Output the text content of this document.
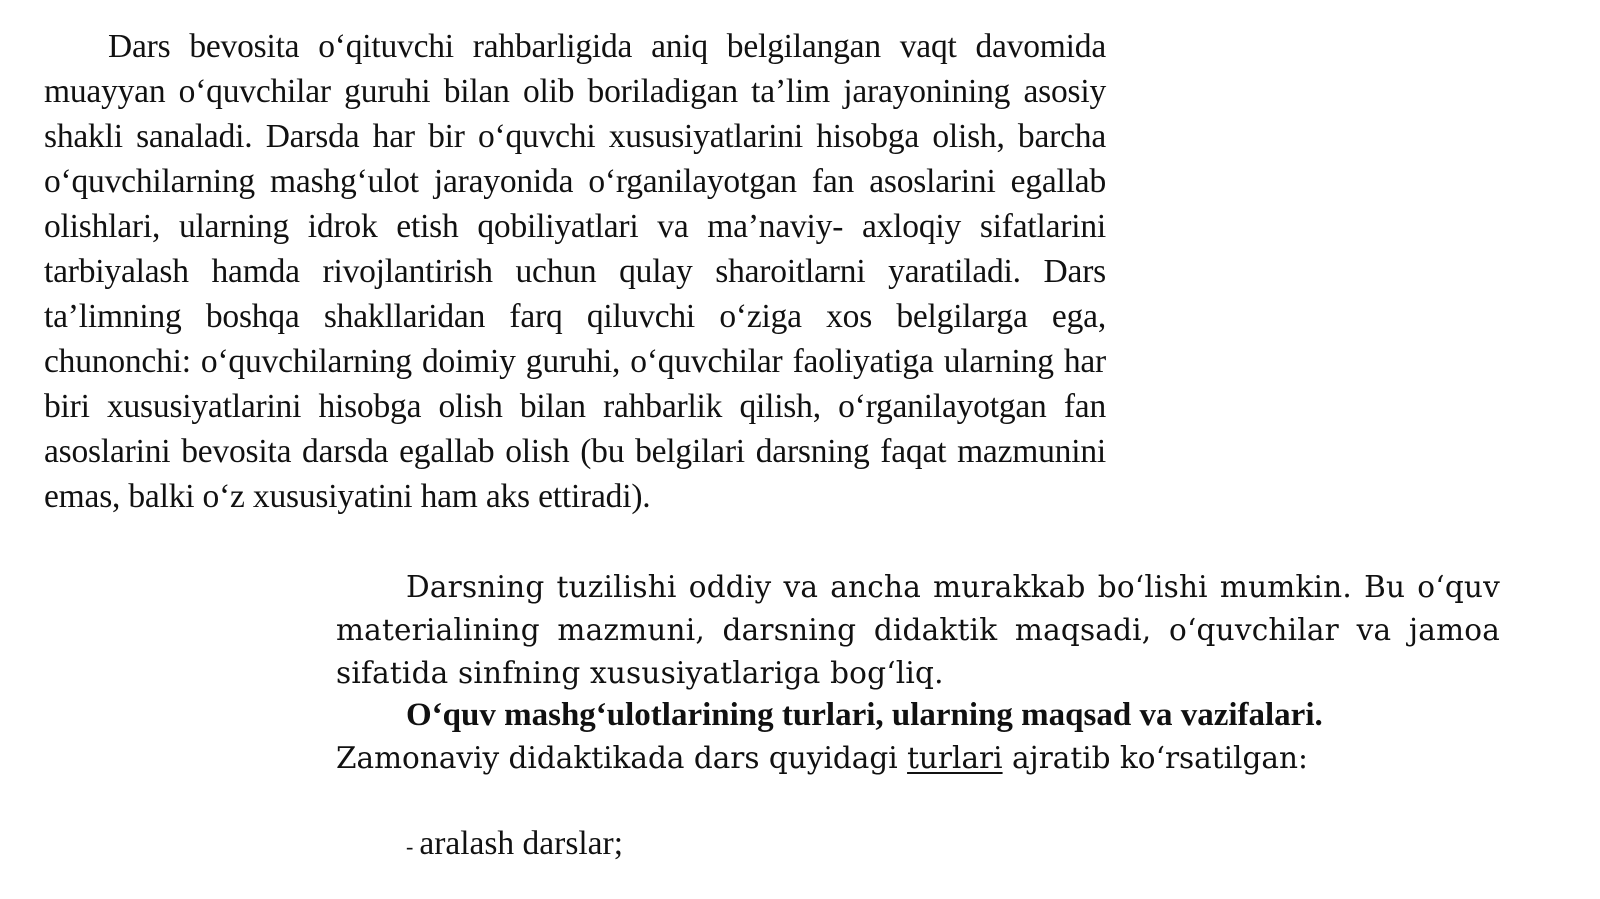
Dars bevosita o‘qituvchi rahbarligida aniq belgilangan vaqt davomida muayyan o‘quvchilar guruhi bilan olib boriladigan ta’lim jarayonining asosiy shakli sanaladi. Darsda har bir o‘quvchi xususiyatlarini hisobga olish, barcha o‘quvchilarning mashg‘ulot jarayonida o‘rganilayotgan fan asoslarini egallab olishlari, ularning idrok etish qobiliyatlari va ma’naviy- axloqiy sifatlarini tarbiyalash hamda rivojlantirish uchun qulay sharoitlarni yaratiladi. Dars ta’limning boshqa shakllaridan farq qiluvchi o‘ziga xos belgilarga ega, chunonchi: o‘quvchilarning doimiy guruhi, o‘quvchilar faoliyatiga ularning har biri xususiyatlarini hisobga olish bilan rahbarlik qilish, o‘rganilayotgan fan asoslarini bevosita darsda egallab olish (bu belgilari darsning faqat mazmunini emas, balki o‘z xususiyatini ham aks ettiradi).

Darsning tuzilishi oddiy va ancha murakkab bo‘lishi mumkin. Bu o‘quv materialining mazmuni, darsning didaktik maqsadi, o‘quvchilar va jamoa sifatida sinfning xususiyatlariga bog‘liq.

O‘quv mashg‘ulotlarining turlari, ularning maqsad va vazifalari. Zamonaviy didaktikada dars quyidagi turlari ajratib ko‘rsatilgan:

- aralash darslar;
